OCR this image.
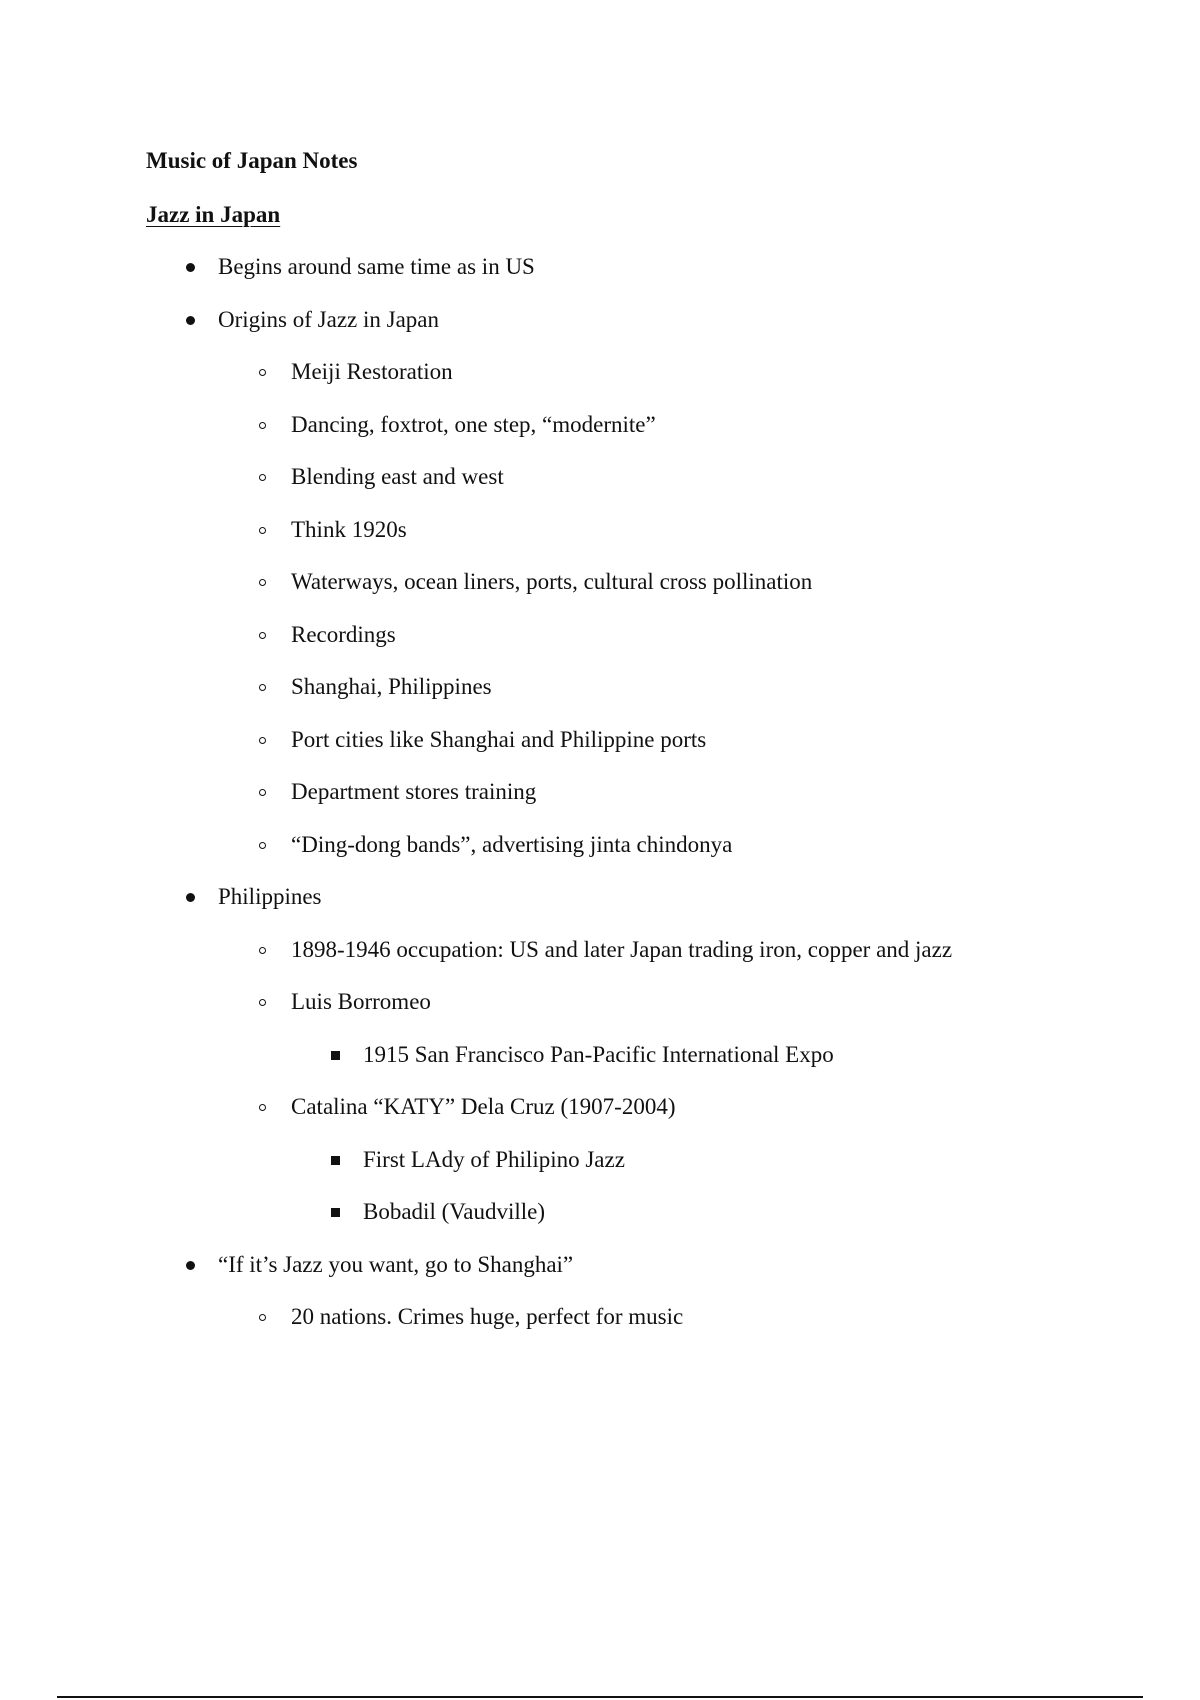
Music of Japan Notes
Jazz in Japan
Begins around same time as in US
Origins of Jazz in Japan
Meiji Restoration
Dancing, foxtrot, one step, “modernite”
Blending east and west
Think 1920s
Waterways, ocean liners, ports, cultural cross pollination
Recordings
Shanghai, Philippines
Port cities like Shanghai and Philippine ports
Department stores training
“Ding-dong bands”, advertising jinta chindonya
Philippines
1898-1946 occupation: US and later Japan trading iron, copper and jazz
Luis Borromeo
1915 San Francisco Pan-Pacific International Expo
Catalina “KATY” Dela Cruz (1907-2004)
First LAdy of Philipino Jazz
Bobadil (Vaudville)
“If it’s Jazz you want, go to Shanghai”
20 nations. Crimes huge, perfect for music
